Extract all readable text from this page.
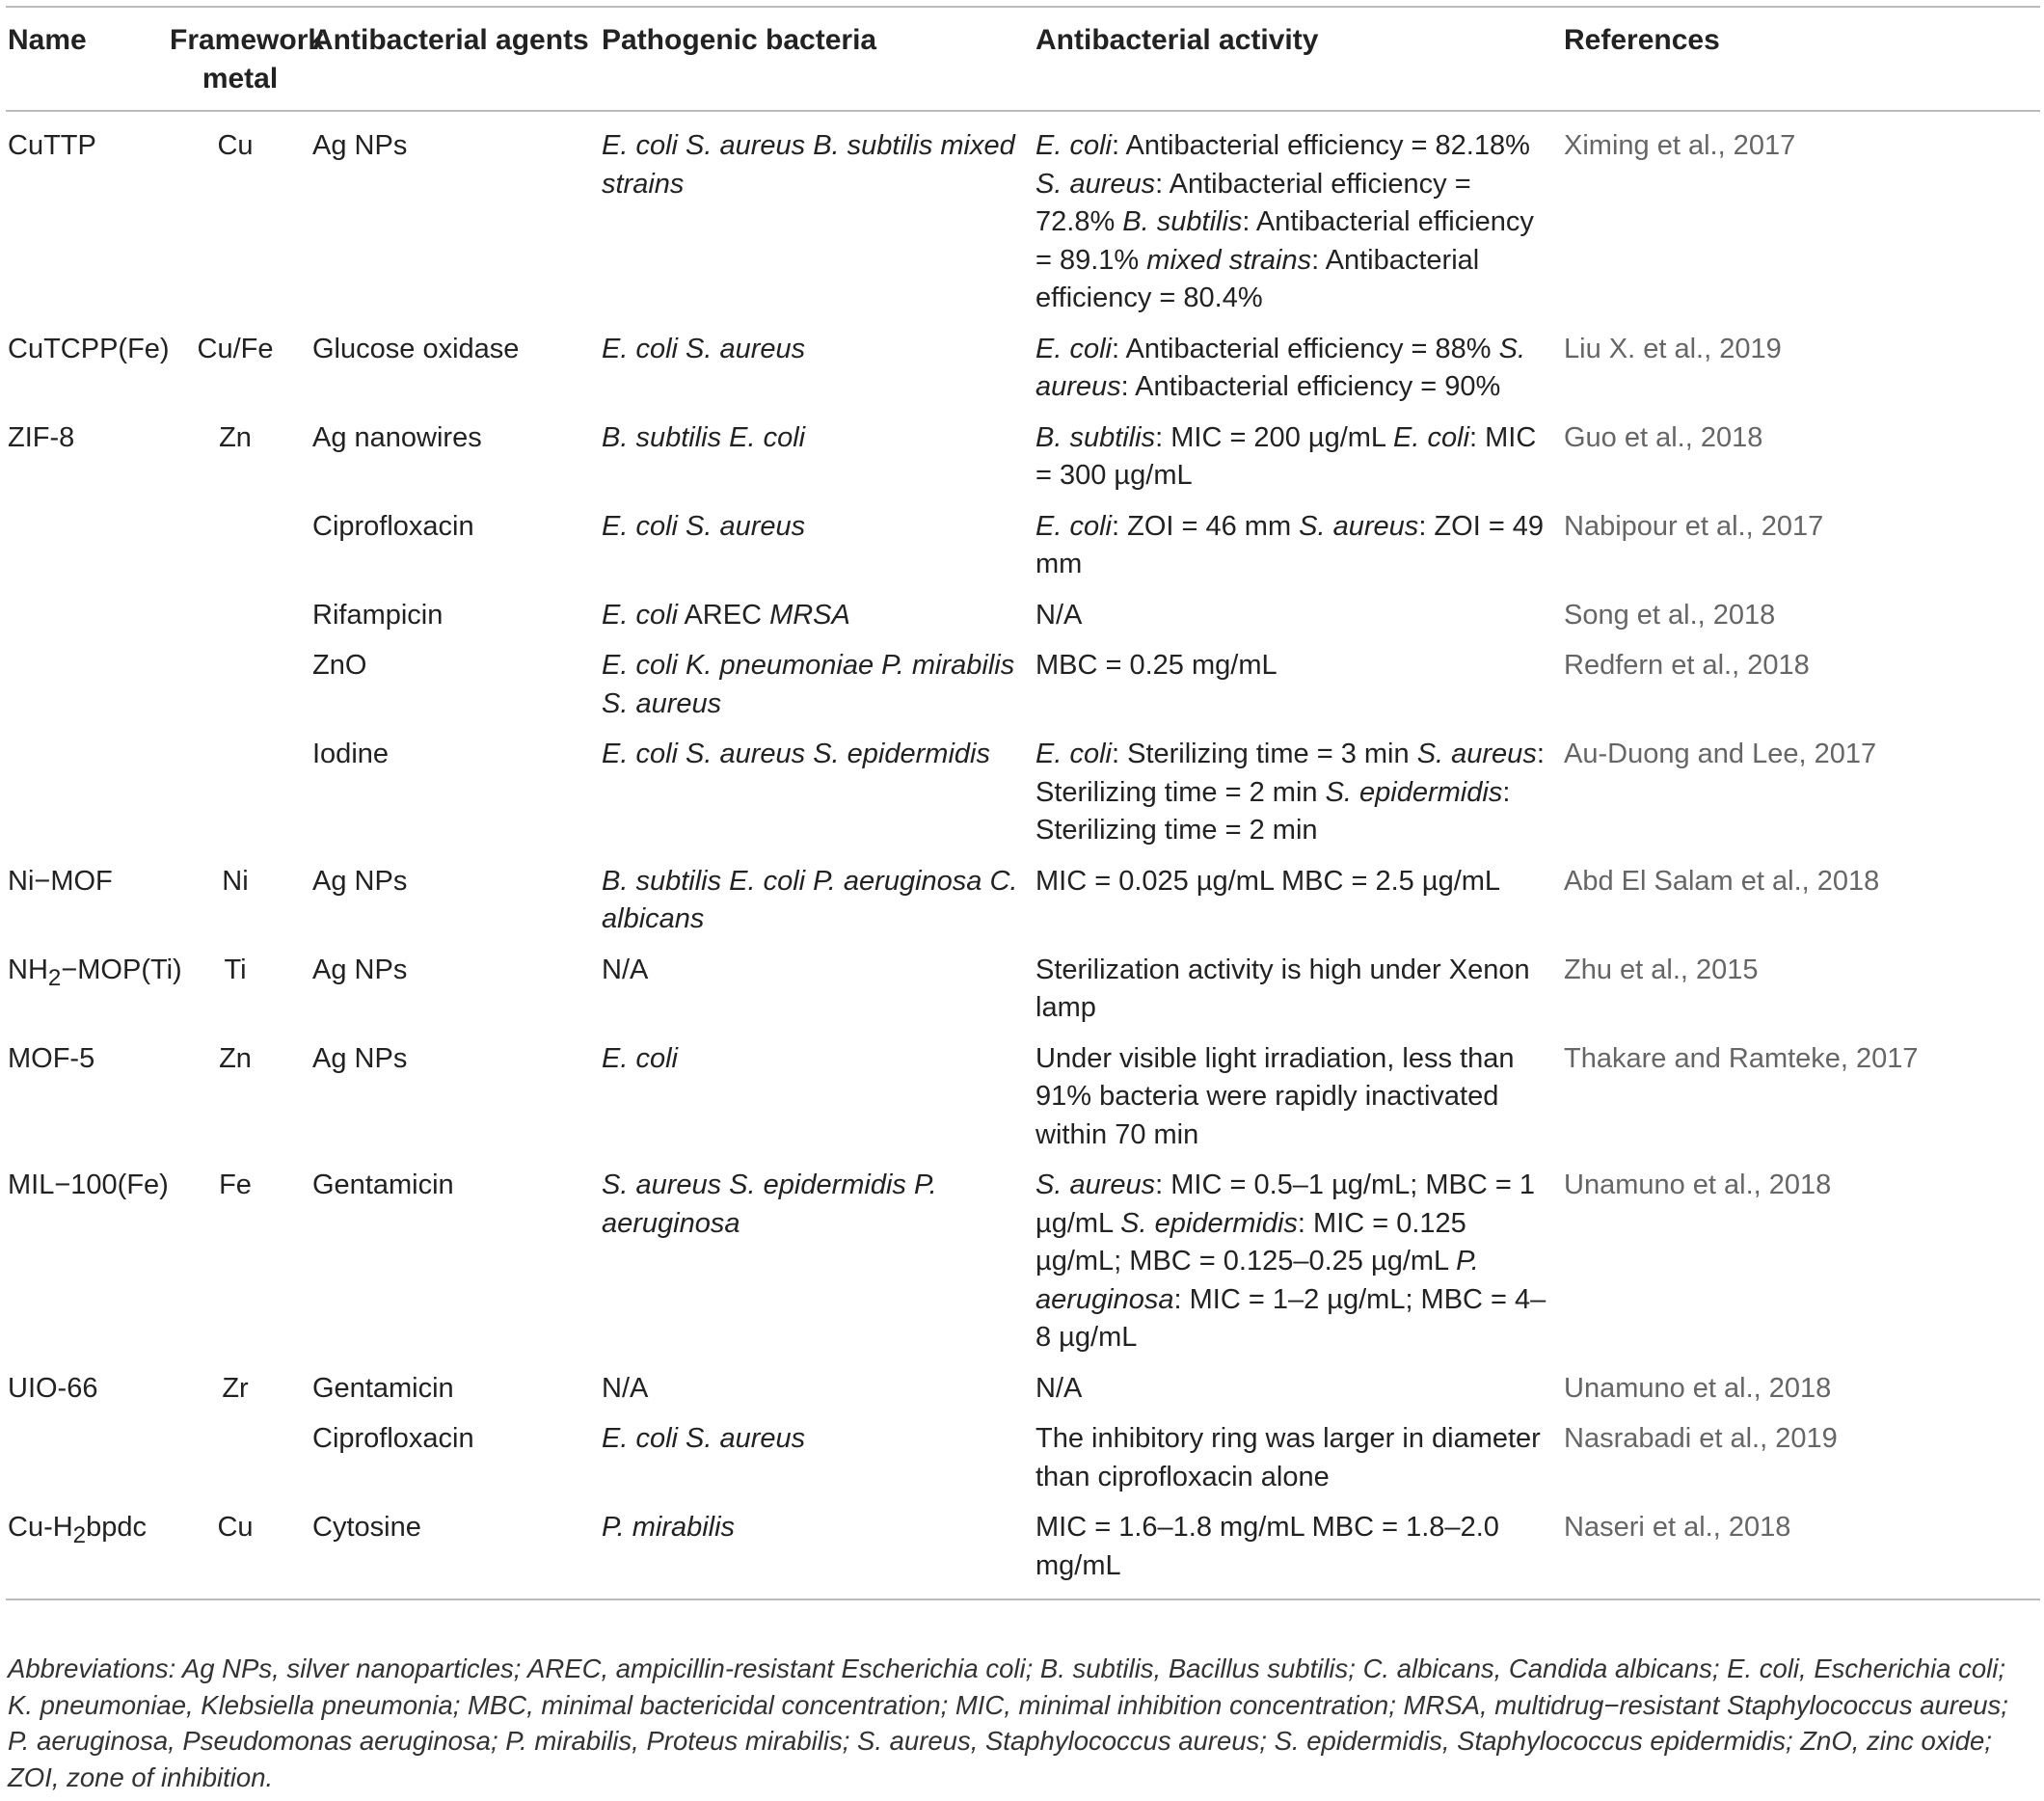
Name	Framework metal	Antibacterial agents	Pathogenic bacteria	Antibacterial activity	References
CuTTP	Cu	Ag NPs	E. coli S. aureus B. subtilis mixed strains	E. coli: Antibacterial efficiency = 82.18% S. aureus: Antibacterial efficiency = 72.8% B. subtilis: Antibacterial efficiency = 89.1% mixed strains: Antibacterial efficiency = 80.4%	Ximing et al., 2017
CuTCPP(Fe)	Cu/Fe	Glucose oxidase	E. coli S. aureus	E. coli: Antibacterial efficiency = 88% S. aureus: Antibacterial efficiency = 90%	Liu X. et al., 2019
ZIF-8	Zn	Ag nanowires	B. subtilis E. coli	B. subtilis: MIC = 200 µg/mL E. coli: MIC = 300 µg/mL	Guo et al., 2018
		Ciprofloxacin	E. coli S. aureus	E. coli: ZOI = 46 mm S. aureus: ZOI = 49 mm	Nabipour et al., 2017
		Rifampicin	E. coli AREC MRSA	N/A	Song et al., 2018
		ZnO	E. coli K. pneumoniae P. mirabilis S. aureus	MBC = 0.25 mg/mL	Redfern et al., 2018
		Iodine	E. coli S. aureus S. epidermidis	E. coli: Sterilizing time = 3 min S. aureus: Sterilizing time = 2 min S. epidermidis: Sterilizing time = 2 min	Au-Duong and Lee, 2017
Ni−MOF	Ni	Ag NPs	B. subtilis E. coli P. aeruginosa C. albicans	MIC = 0.025 µg/mL MBC = 2.5 µg/mL	Abd El Salam et al., 2018
$NH_2-MOP(Ti)$	Ti	Ag NPs	N/A	Sterilization activity is high under Xenon lamp	Zhu et al., 2015
MOF-5	Zn	Ag NPs	E. coli	Under visible light irradiation, less than 91% bacteria were rapidly inactivated within 70 min	Thakare and Ramteke, 2017
MIL−100(Fe)	Fe	Gentamicin	S. aureus S. epidermidis P. aeruginosa	S. aureus: MIC = 0.5–1 µg/mL; MBC = 1 µg/mL S. epidermidis: MIC = 0.125 µg/mL; MBC = 0.125–0.25 µg/mL P. aeruginosa: MIC = 1–2 µg/mL; MBC = 4–8 µg/mL	Unamuno et al., 2018
UIO-66	Zr	Gentamicin	N/A	N/A	Unamuno et al., 2018
		Ciprofloxacin	E. coli S. aureus	The inhibitory ring was larger in diameter than ciprofloxacin alone	Nasrabadi et al., 2019
$Cu-H_2bpdc$	Cu	Cytosine	P. mirabilis	MIC = 1.6–1.8 mg/mL MBC = 1.8–2.0 mg/mL	Naseri et al., 2018
Abbreviations: Ag NPs, silver nanoparticles; AREC, ampicillin-resistant Escherichia coli; B. subtilis, Bacillus subtilis; C. albicans, Candida albicans; E. coli, Escherichia coli; K. pneumoniae, Klebsiella pneumonia; MBC, minimal bactericidal concentration; MIC, minimal inhibition concentration; MRSA, multidrug−resistant Staphylococcus aureus; P. aeruginosa, Pseudomonas aeruginosa; P. mirabilis, Proteus mirabilis; S. aureus, Staphylococcus aureus; S. epidermidis, Staphylococcus epidermidis; ZnO, zinc oxide; ZOI, zone of inhibition.
